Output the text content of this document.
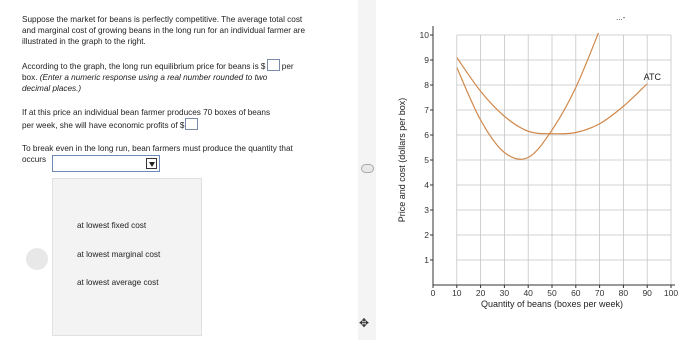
Suppose the market for beans is perfectly competitive. The average total cost
and marginal cost of growing beans in the long run for an individual farmer are
illustrated in the graph to the right.
According to the graph, the long run equilibrium price for beans is $ per
box. (Enter a numeric response using a real number rounded to two
decimal places.)
If at this price an individual bean farmer produces 70 boxes of beans
per week, she will have economic profits of $
To break even in the long run, bean farmers must produce the quantity that
occurs
at lowest fixed cost
at lowest marginal cost
at lowest average cost
✥
1
2
3
4
5
6
7
8
9
10
0 10 20 30 40 50 60 70 80 90 100
Quantity of beans (boxes per week)
Price and cost (dollars per box)
ATC
...-
